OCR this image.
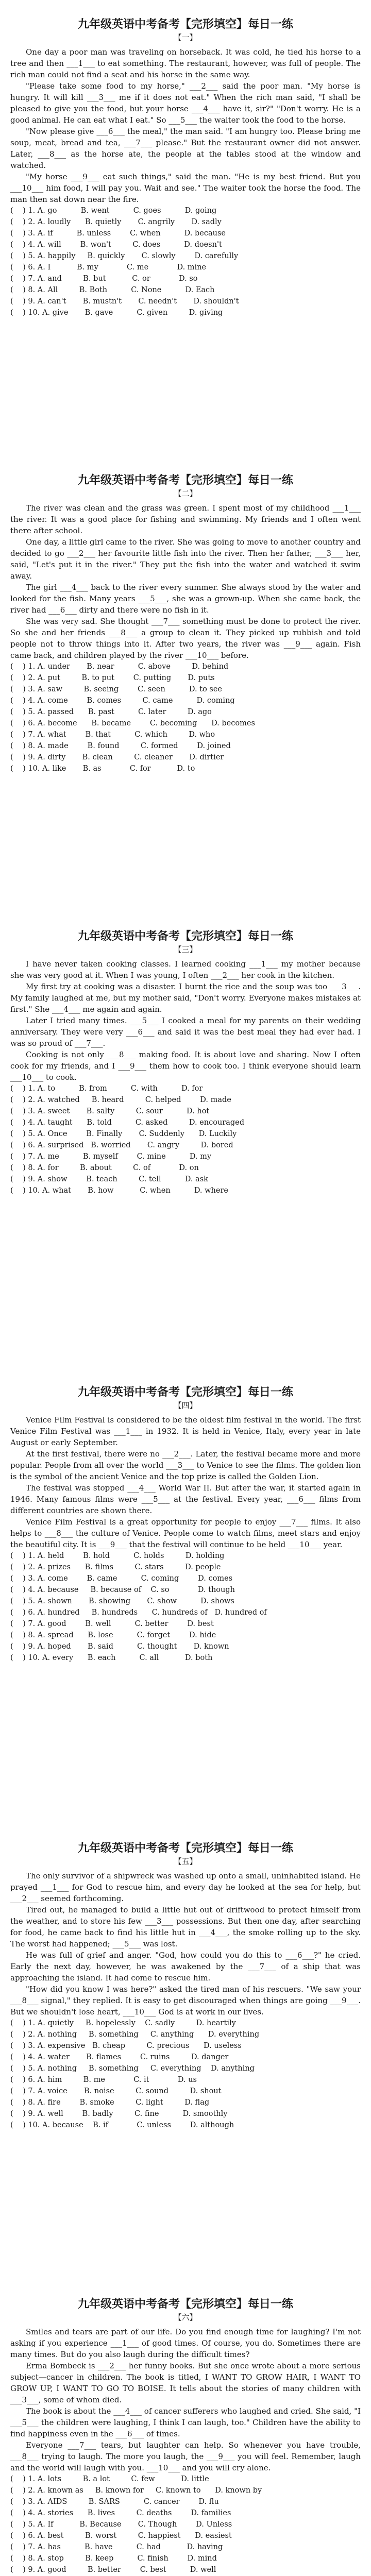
九年级英语中考备考【完形填空】每日一练
【一】

One day a poor man was traveling on horseback. It was cold, he tied his horse to a tree and then ___1___ to eat something. The restaurant, however, was full of people. The rich man could not find a seat and his horse in the same way.

"Please take some food to my horse," ___2___ said the poor man. "My horse is hungry. It will kill ___3___ me if it does not eat." When the rich man said, "I shall be pleased to give you the food, but your horse ___4___ have it, sir?" "Don't worry. He is a good animal. He can eat what I eat." So ___5___ the waiter took the food to the horse.

"Now please give ___6___ the meal," the man said. "I am hungry too. Please bring me soup, meat, bread and tea, ___7___ please." But the restaurant owner did not answer. Later, ___8___ as the horse ate, the people at the tables stood at the window and watched.

"My horse ___9___ eat such things," said the man. "He is my best friend. But you ___10___ him food, I will pay you. Wait and see." The waiter took the horse the food. The man then sat down near the fire.

(    ) 1. A. go          B. went          C. goes          D. going

(    ) 2. A. loudly      B. quietly       C. angrily       D. sadly

(    ) 3. A. if          B. unless        C. when          D. because

(    ) 4. A. will        B. won't         C. does          D. doesn't

(    ) 5. A. happily     B. quickly       C. slowly        D. carefully

(    ) 6. A. I           B. my            C. me            D. mine

(    ) 7. A. and         B. but           C. or            D. so

(    ) 8. A. All         B. Both          C. None          D. Each

(    ) 9. A. can't       B. mustn't       C. needn't       D. shouldn't

(    ) 10. A. give       B. gave          C. given         D. giving

九年级英语中考备考【完形填空】每日一练
【二】

The river was clean and the grass was green. I spent most of my childhood ___1___ the river. It was a good place for fishing and swimming. My friends and I often went there after school.

One day, a little girl came to the river. She was going to move to another country and decided to go ___2___ her favourite little fish into the river. Then her father, ___3___ her, said, "Let's put it in the river." They put the fish into the water and watched it swim away.

The girl ___4___ back to the river every summer. She always stood by the water and looked for the fish. Many years ___5___, she was a grown-up. When she came back, the river had ___6___ dirty and there were no fish in it.

She was very sad. She thought ___7___ something must be done to protect the river. So she and her friends ___8___ a group to clean it. They picked up rubbish and told people not to throw things into it. After two years, the river was ___9___ again. Fish came back, and children played by the river ___10___ before.

(    ) 1. A. under       B. near          C. above         D. behind

(    ) 2. A. put         B. to put        C. putting       D. puts

(    ) 3. A. saw         B. seeing        C. seen          D. to see

(    ) 4. A. come        B. comes         C. came          D. coming

(    ) 5. A. passed      B. past          C. later         D. ago

(    ) 6. A. become      B. became        C. becoming      D. becomes

(    ) 7. A. what        B. that          C. which         D. who

(    ) 8. A. made        B. found         C. formed        D. joined

(    ) 9. A. dirty       B. clean         C. cleaner       D. dirtier

(    ) 10. A. like       B. as            C. for           D. to

九年级英语中考备考【完形填空】每日一练
【三】

I have never taken cooking classes. I learned cooking ___1___ my mother because she was very good at it. When I was young, I often ___2___ her cook in the kitchen.

My first try at cooking was a disaster. I burnt the rice and the soup was too ___3___. My family laughed at me, but my mother said, "Don't worry. Everyone makes mistakes at first." She ___4___ me again and again.

Later I tried many times. ___5___ I cooked a meal for my parents on their wedding anniversary. They were very ___6___ and said it was the best meal they had ever had. I was so proud of ___7___.

Cooking is not only ___8___ making food. It is about love and sharing. Now I often cook for my friends, and I ___9___ them how to cook too. I think everyone should learn ___10___ to cook.

(    ) 1. A. to          B. from          C. with          D. for

(    ) 2. A. watched     B. heard         C. helped        D. made

(    ) 3. A. sweet       B. salty         C. sour          D. hot

(    ) 4. A. taught      B. told          C. asked         D. encouraged

(    ) 5. A. Once        B. Finally       C. Suddenly      D. Luckily

(    ) 6. A. surprised   B. worried       C. angry         D. bored

(    ) 7. A. me          B. myself        C. mine          D. my

(    ) 8. A. for         B. about         C. of            D. on

(    ) 9. A. show        B. teach         C. tell          D. ask

(    ) 10. A. what       B. how           C. when          D. where

九年级英语中考备考【完形填空】每日一练
【四】

Venice Film Festival is considered to be the oldest film festival in the world. The first Venice Film Festival was ___1___ in 1932. It is held in Venice, Italy, every year in late August or early September.

At the first festival, there were no ___2___. Later, the festival became more and more popular. People from all over the world ___3___ to Venice to see the films. The golden lion is the symbol of the ancient Venice and the top prize is called the Golden Lion.

The festival was stopped ___4___ World War II. But after the war, it started again in 1946. Many famous films were ___5___ at the festival. Every year, ___6___ films from different countries are shown there.

Venice Film Festival is a great opportunity for people to enjoy ___7___ films. It also helps to ___8___ the culture of Venice. People come to watch films, meet stars and enjoy the beautiful city. It is ___9___ that the festival will continue to be held ___10___ year.

(    ) 1. A. held        B. hold          C. holds         D. holding

(    ) 2. A. prizes      B. films         C. stars         D. people

(    ) 3. A. come        B. came          C. coming        D. comes

(    ) 4. A. because     B. because of    C. so            D. though

(    ) 5. A. shown       B. showing       C. show          D. shows

(    ) 6. A. hundred     B. hundreds      C. hundreds of   D. hundred of

(    ) 7. A. good        B. well          C. better        D. best

(    ) 8. A. spread      B. lose          C. forget        D. hide

(    ) 9. A. hoped       B. said          C. thought       D. known

(    ) 10. A. every      B. each          C. all           D. both

九年级英语中考备考【完形填空】每日一练
【五】

The only survivor of a shipwreck was washed up onto a small, uninhabited island. He prayed ___1___ for God to rescue him, and every day he looked at the sea for help, but ___2___ seemed forthcoming.

Tired out, he managed to build a little hut out of driftwood to protect himself from the weather, and to store his few ___3___ possessions. But then one day, after searching for food, he came back to find his little hut in ___4___, the smoke rolling up to the sky. The worst had happened; ___5___ was lost.

He was full of grief and anger. "God, how could you do this to ___6___?" he cried. Early the next day, however, he was awakened by the ___7___ of a ship that was approaching the island. It had come to rescue him.

"How did you know I was here?" asked the tired man of his rescuers. "We saw your ___8___ signal," they replied. It is easy to get discouraged when things are going ___9___. But we shouldn't lose heart, ___10___ God is at work in our lives.

(    ) 1. A. quietly     B. hopelessly    C. sadly         D. heartily

(    ) 2. A. nothing     B. something     C. anything      D. everything

(    ) 3. A. expensive   B. cheap         C. precious      D. useless

(    ) 4. A. water       B. flames        C. ruins         D. danger

(    ) 5. A. nothing     B. something     C. everything    D. anything

(    ) 6. A. him         B. me            C. it            D. us

(    ) 7. A. voice       B. noise         C. sound         D. shout

(    ) 8. A. fire        B. smoke         C. light         D. flag

(    ) 9. A. well        B. badly         C. fine          D. smoothly

(    ) 10. A. because    B. if            C. unless        D. although

九年级英语中考备考【完形填空】每日一练
【六】

Smiles and tears are part of our life. Do you find enough time for laughing? I'm not asking if you experience ___1___ of good times. Of course, you do. Sometimes there are many times. But do you also laugh during the difficult times?

Erma Bombeck is ___2___ her funny books. But she once wrote about a more serious subject—cancer in children. The book is titled, I WANT TO GROW HAIR, I WANT TO GROW UP, I WANT TO GO TO BOISE. It tells about the stories of many children with ___3___, some of whom died.

The book is about the ___4___ of cancer sufferers who laughed and cried. She said, "I ___5___ the children were laughing, I think I can laugh, too." Children have the ability to find happiness even in the ___6___ of times.

Everyone ___7___ tears, but laughter can help. So whenever you have trouble, ___8___ trying to laugh. The more you laugh, the ___9___ you will feel. Remember, laugh and the world will laugh with you. ___10___ and you will cry alone.

(    ) 1. A. lots         B. a lot         C. few           D. little

(    ) 2. A. known as     B. known for     C. known to      D. known by

(    ) 3. A. AIDS         B. SARS          C. cancer        D. flu

(    ) 4. A. stories      B. lives         C. deaths        D. families

(    ) 5. A. If           B. Because       C. Though        D. Unless

(    ) 6. A. best         B. worst         C. happiest      D. easiest

(    ) 7. A. has          B. have          C. had           D. having

(    ) 8. A. stop         B. keep          C. finish        D. mind

(    ) 9. A. good         B. better        C. best          D. well
